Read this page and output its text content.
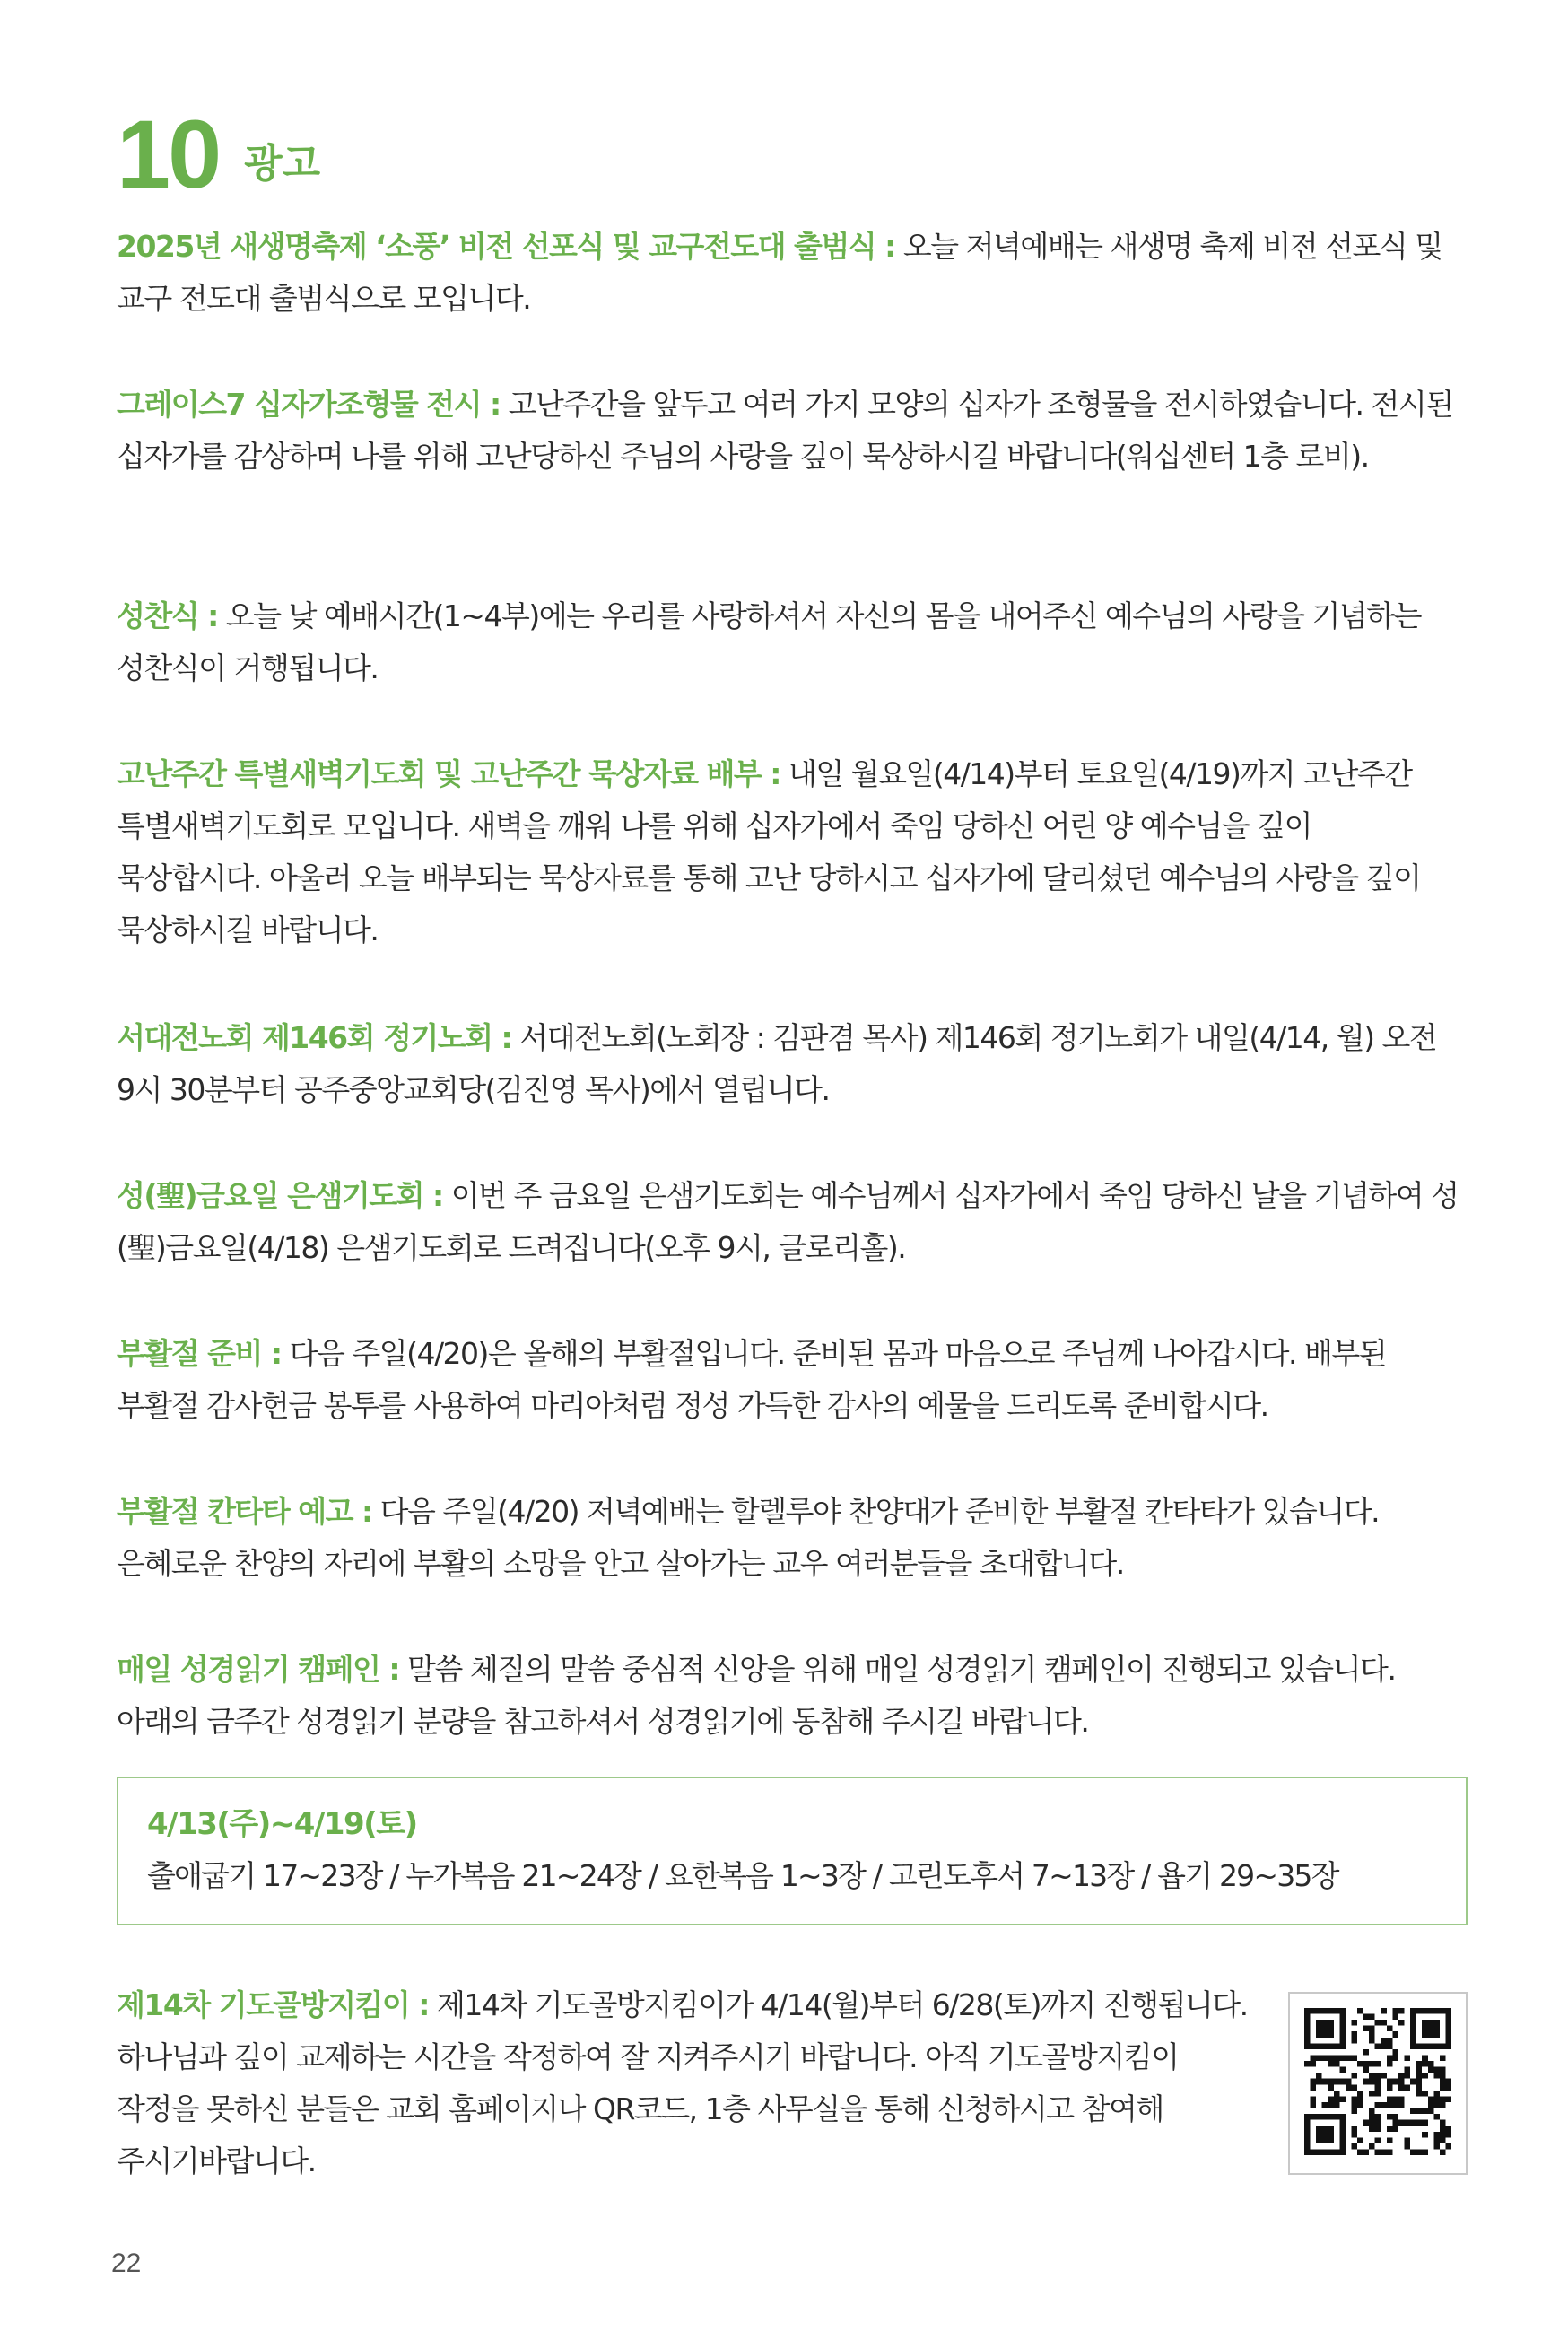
10 광고
2025년 새생명축제 ‘소풍’ 비전 선포식 및 교구전도대 출범식 : 오늘 저녁예배는 새생명 축제 비전 선포식 및 교구 전도대 출범식으로 모입니다.
그레이스7 십자가조형물 전시 : 고난주간을 앞두고 여러 가지 모양의 십자가 조형물을 전시하였습니다. 전시된 십자가를 감상하며 나를 위해 고난당하신 주님의 사랑을 깊이 묵상하시길 바랍니다(워십센터 1층 로비).
성찬식 : 오늘 낮 예배시간(1~4부)에는 우리를 사랑하셔서 자신의 몸을 내어주신 예수님의 사랑을 기념하는 성찬식이 거행됩니다.
고난주간 특별새벽기도회 및 고난주간 묵상자료 배부 : 내일 월요일(4/14)부터 토요일(4/19)까지 고난주간 특별새벽기도회로 모입니다. 새벽을 깨워 나를 위해 십자가에서 죽임 당하신 어린 양 예수님을 깊이 묵상합시다. 아울러 오늘 배부되는 묵상자료를 통해 고난 당하시고 십자가에 달리셨던 예수님의 사랑을 깊이 묵상하시길 바랍니다.
서대전노회 제146회 정기노회 : 서대전노회(노회장 : 김판겸 목사) 제146회 정기노회가 내일(4/14, 월) 오전 9시 30분부터 공주중앙교회당(김진영 목사)에서 열립니다.
성(聖)금요일 은샘기도회 : 이번 주 금요일 은샘기도회는 예수님께서 십자가에서 죽임 당하신 날을 기념하여 성(聖)금요일(4/18) 은샘기도회로 드려집니다(오후 9시, 글로리홀).
부활절 준비 : 다음 주일(4/20)은 올해의 부활절입니다. 준비된 몸과 마음으로 주님께 나아갑시다. 배부된 부활절 감사헌금 봉투를 사용하여 마리아처럼 정성 가득한 감사의 예물을 드리도록 준비합시다.
부활절 칸타타 예고 : 다음 주일(4/20) 저녁예배는 할렐루야 찬양대가 준비한 부활절 칸타타가 있습니다. 은혜로운 찬양의 자리에 부활의 소망을 안고 살아가는 교우 여러분들을 초대합니다.
매일 성경읽기 캠페인 : 말씀 체질의 말씀 중심적 신앙을 위해 매일 성경읽기 캠페인이 진행되고 있습니다. 아래의 금주간 성경읽기 분량을 참고하셔서 성경읽기에 동참해 주시길 바랍니다.
4/13(주)~4/19(토)
출애굽기 17~23장 / 누가복음 21~24장 / 요한복음 1~3장 / 고린도후서 7~13장 / 욥기 29~35장
제14차 기도골방지킴이 : 제14차 기도골방지킴이가 4/14(월)부터 6/28(토)까지 진행됩니다. 하나님과 깊이 교제하는 시간을 작정하여 잘 지켜주시기 바랍니다. 아직 기도골방지킴이 작정을 못하신 분들은 교회 홈페이지나 QR코드, 1층 사무실을 통해 신청하시고 참여해 주시기바랍니다.
22
